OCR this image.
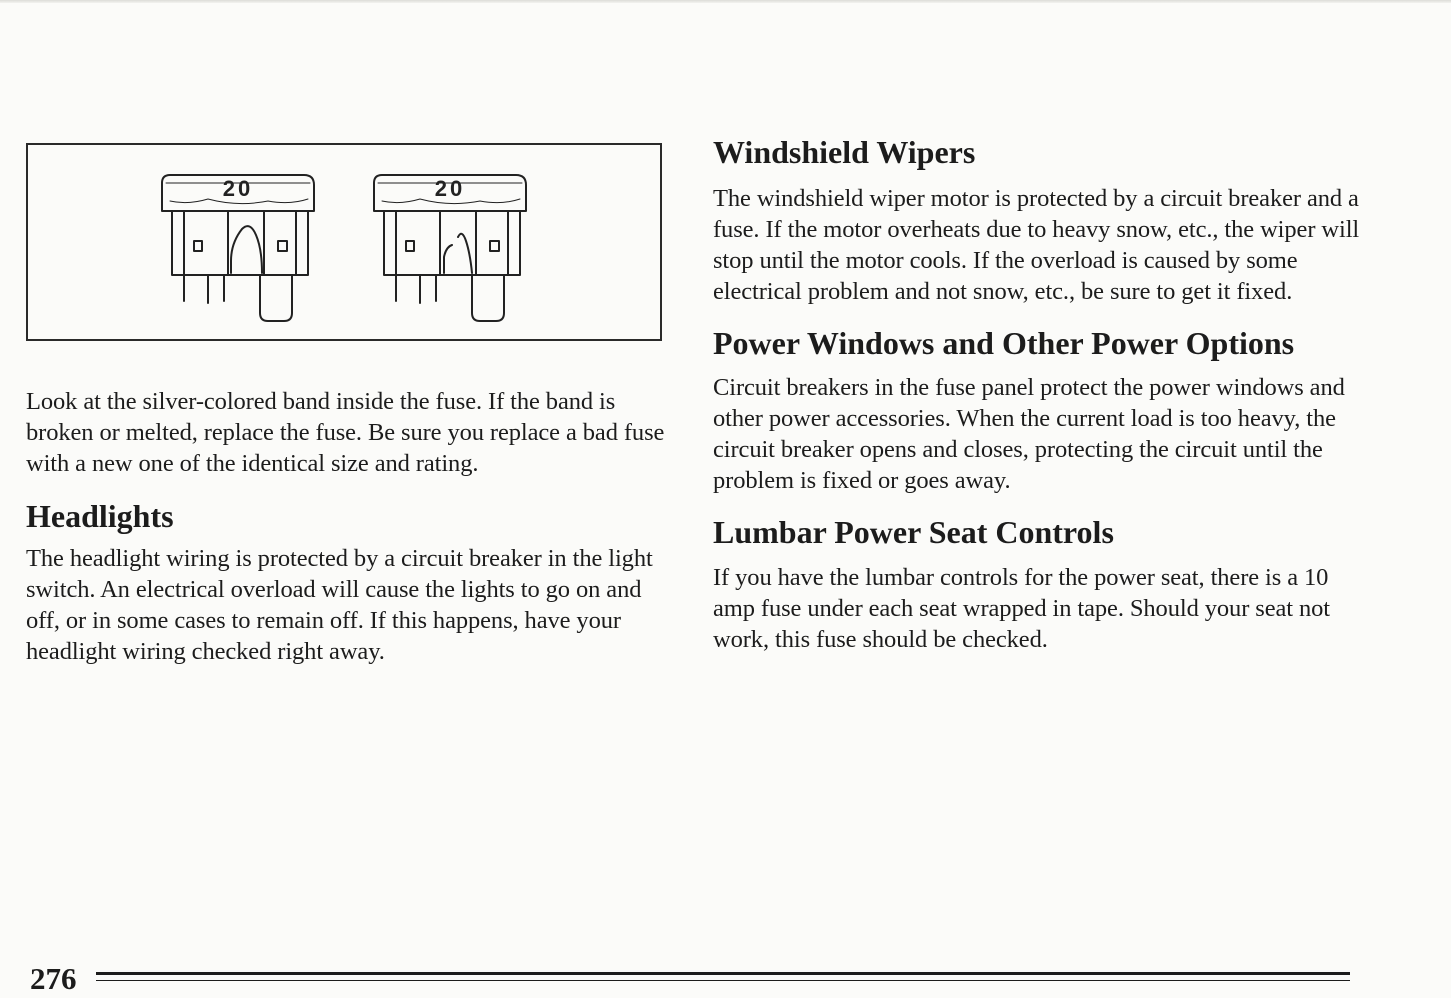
20	20

Look at the silver-colored band inside the fuse. If the band is broken or melted, replace the fuse. Be sure you replace a bad fuse with a new one of the identical size and rating.

Headlights

The headlight wiring is protected by a circuit breaker in the light switch. An electrical overload will cause the lights to go on and off, or in some cases to remain off. If this happens, have your headlight wiring checked right away.

Windshield Wipers

The windshield wiper motor is protected by a circuit breaker and a fuse. If the motor overheats due to heavy snow, etc., the wiper will stop until the motor cools. If the overload is caused by some electrical problem and not snow, etc., be sure to get it fixed.

Power Windows and Other Power Options

Circuit breakers in the fuse panel protect the power windows and other power accessories. When the current load is too heavy, the circuit breaker opens and closes, protecting the circuit until the problem is fixed or goes away.

Lumbar Power Seat Controls

If you have the lumbar controls for the power seat, there is a 10 amp fuse under each seat wrapped in tape. Should your seat not work, this fuse should be checked.

276
